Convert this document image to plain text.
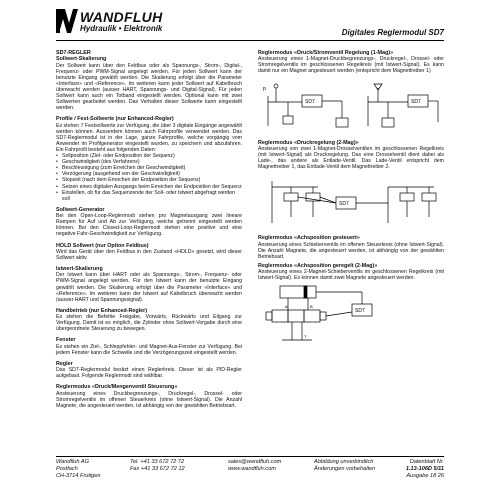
WANDFLUH
Hydraulik • Elektronik	Digitales Reglermodul SD7
SD7-REGLER
Sollwert-Skalierung

Der Sollwert kann über den Feldbus oder als Spannungs-, Strom-, Digital-, Frequenz- oder PWM-Signal angelegt werden. Für jeden Sollwert kann der benutzte Eingang gewählt werden. Die Skalierung erfolgt über die Parameter «Interface» und «Reference». Im weiteren kann jeder Sollwert auf Kabelbruch überwacht werden (ausser HART, Spannungs- und Digital-Signal). Für jeden Sollwert kann auch ein Totband eingestellt werden. Optional kann mit zwei Sollwerten gearbeitet werden. Das Verhalten dieser Sollwerte kann eingestellt werden.

Profile / Fest-Sollwerte (nur Enhanced-Regler)

Es stehen 7 Festsollwerte zur Verfügung, die über 3 digitale Eingänge angewählt werden können. Ausserdem können auch Fahrprofile verwendet werden. Das SD7-Reglermodul ist in der Lage, ganze Fahrprofile, welche vorgängig vom Anwender im Profilgenerator eingestellt wurden, zu speichern und abzufahren. Ein Fahrprofil besteht aus folgenden Daten:

• Sollposition (Ziel- oder Endposition der Sequenz)
• Geschwindigkeit (des Verfahrens)
• Beschleunigung (zum Erreichen der Geschwindigkeit)
• Verzögerung (ausgehend von der Geschwindigkeit)
• Stopzeit (nach dem Erreichen der Endposition der Sequenz)
• Setzen eines digitalen Ausgangs beim Erreichen der Endposition der Sequenz
• Einstellen, ob für das Sequenzende der Soll- oder Istwert abgefragt werden soll
Sollwert-Generator

Bei den Open-Loop-Reglermodi stehen pro Magnetausgang zwei lineare Rampen für Auf und Ab zur Verfügung, welche getrennt eingestellt werden können. Bei den Closed-Loop-Reglermodi stehen eine positive und eine negative Fahr-Geschwindigkeit zur Verfügung.

HOLD Sollwert (nur Option Feldbus)

Wird das Gerät über den Feldbus in den Zustand «HOLD» gesetzt, wird dieser Sollwert aktiv.

Istwert-Skalierung

Der Istwert kann über HART oder als Spannungs-, Strom-, Frequenz- oder PWM-Signal angelegt werden. Für den Istwert kann der benutzte Eingang gewählt werden. Die Skalierung erfolgt über die Parameter «Interface» und «Reference». Im weiteren kann der Istwert auf Kabelbruch überwacht werden (ausser HART und Spannungssignal).

Handbetrieb (nur Enhanced-Regler)

Es stehen die Befehle Freigabe, Vorwärts, Rückwärts und Eilgang zur Verfügung. Damit ist es möglich, die Zylinder ohne Sollwert-Vorgabe durch eine übergeordnete Steuerung zu bewegen.

Fenster

Es stehen ein Ziel-, Schleppfehler- und Magnet-Aus-Fenster zur Verfügung. Bei jedem Fenster kann die Schwelle und die Verzögerungszeit eingestellt werden.

Regler

Das SD7-Reglermodul besitzt einen Reglerkreis. Dieser ist als PID-Regler aufgebaut. Folgende Reglermodi sind wählbar.

Reglermodus «Druck/Mengenventil Steuerung»

Ansteuerung eines Druckbegrenzungs-, Druckregel-, Drossel- oder Stromregelventils im offenen Steuerkreis (ohne Istwert-Signal). Die Anzahl Magnete, die angesteuert werden, ist abhängig von der gewählten Betriebsart.

Reglermodus «Druck/Stromventil Regelung (1-Mag)»

Ansteuerung eines 1-Magnet-Druckbegrenzungs-, Druckregel-, Drossel- oder Stromregelventils im geschlossenen Regelkreis (mit Istwert-Signal). Es kann damit nur ein Magnet angesteuert werden (entspricht dem Magnettreiber 1)

p
SD7	SD7
Reglermodus «Druckregelung (2-Mag)»

Ansteuerung von zwei 1-Magnet-Drosselventilen im geschlossenen Regelkreis (mit Istwert-Signal) als Druckregelung. Das eine Drosselventil dient dabei als Lade-, das andere als Entlade-Ventil. Das Lade-Ventil entspricht dem Magnettreiber 1, das Entlade-Ventil dem Magnettreiber 2.

SD7
Reglermodus «Achsposition gesteuert»

Ansteuerung eines Schieberventils im offenen Steuerkreis (ohne Istwert-Signal). Die Anzahl Magnete, die angesteuert werden, ist abhängig von der gewählten Betriebsart.

Reglermodus «Achsposition geregelt (2-Mag)»

Ansteuerung eines 2-Magnet-Schieberventils im geschlossenen Regelkreis (mit Istwert-Signal). Es können damit zwei Magnete angesteuert werden.

SD7
A	B
T
Wandfluh AG
Postfach
CH-3714 Frutigen
Tel. +41 33 672 72 72
Fax +41 33 672 72 12
sales@wandfluh.com
www.wandfluh.com
Abbildung unverbindlich
Änderungen vorbehalten
Datenblatt Nr.
1.13-106D 5/11
Ausgabe 18 26
